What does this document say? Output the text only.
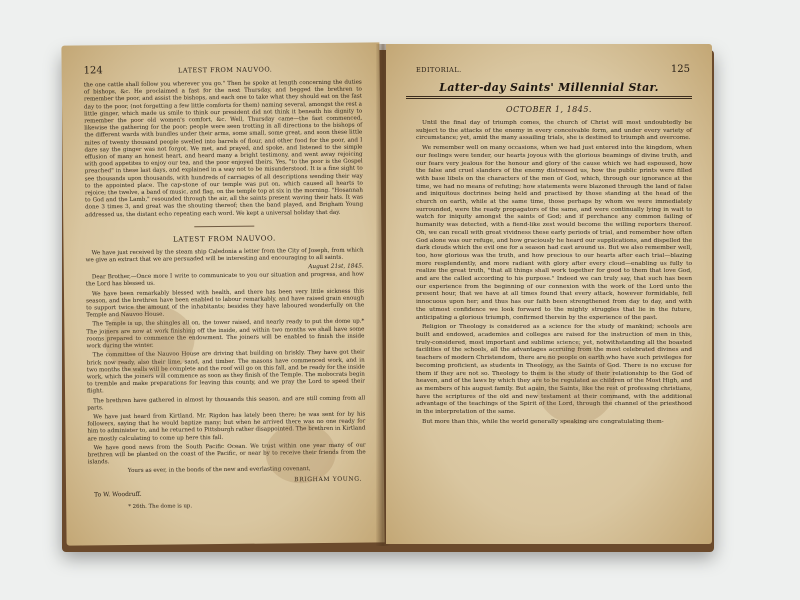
124	LATEST FROM NAUVOO.

the one cattle shall follow you wherever you go." Then he spoke at length concerning the duties of bishops, &c. He proclaimed a fast for the next Thursday, and begged the brethren to remember the poor, and assist the bishops, and each one to take what they should eat on the fast day to the poor, (not forgetting a few little comforts for them) naming several, amongst the rest a little ginger, which made us smile to think our president did not think it beneath his dignity to remember the poor old women's comfort, &c. Well, Thursday came—the fast commenced, likewise the gathering for the poor; people were seen trotting in all directions to the bishops of the different wards with bundles under their arms, some small, some great, and soon these little mites of twenty thousand people swelled into barrels of flour, and other food for the poor, and I dare say the ginger was not forgot. We met, and prayed, and spoke, and listened to the simple effusion of many an honest heart, and heard many a bright testimony, and went away rejoicing with good appetites to enjoy our tea, and the poor enjoyed theirs. Yes, "to the poor is the Gospel preached" in these last days, and explained in a way not to be misunderstood. It is a fine sight to see thousands upon thousands, with hundreds of carriages of all descriptions wending their way to the appointed place. The cap-stone of our temple was put on, which caused all hearts to rejoice; the twelve, a band of music, and flag, on the temple top at six in the morning. "Hosannah to God and the Lamb," resounded through the air, all the saints present waving their hats. It was done 3 times 3, and great was the shouting thereof; then the band played, and Brigham Young addressed us, the distant echo repeating each word. We kept a universal holiday that day.

LATEST FROM NAUVOO.

We have just received by the steam ship Caledonia a letter from the City of Joseph, from which we give an extract that we are persuaded will be interesting and encouraging to all saints.

August 21st, 1845.

Dear Brother,—Once more I write to communicate to you our situation and progress, and how the Lord has blessed us.

We have been remarkably blessed with health, and there has been very little sickness this season, and the brethren have been enabled to labour remarkably, and have raised grain enough to support twice the amount of the inhabitants; besides they have laboured wonderfully on the Temple and Nauvoo House.

The Temple is up, the shingles all on, the tower raised, and nearly ready to put the dome up.* The joiners are now at work finishing off the inside, and within two months we shall have some rooms prepared to commence the endowment. The joiners will be enabled to finish the inside work during the winter.

The committee of the Nauvoo House are driving that building on briskly. They have got their brick now ready, also their lime, sand, and timber. The masons have commenced work, and in two months the walls will be complete and the roof will go on this fall, and be ready for the inside work, which the joiners will commence as soon as they finish of the Temple. The mobocrats begin to tremble and make preparations for leaving this county, and we pray the Lord to speed their flight.

The brethren have gathered in almost by thousands this season, and are still coming from all parts.

We have just heard from Kirtland. Mr. Rigdon has lately been there; he was sent for by his followers, saying that he would baptize many; but when he arrived there was no one ready for him to administer to, and he returned to Pittsburgh rather disappointed. The brethren in Kirtland are mostly calculating to come up here this fall.

We have good news from the South Pacific Ocean. We trust within one year many of our brethren will be planted on the coast of the Pacific, or near by to receive their friends from the islands.

Yours as ever, in the bonds of the new and everlasting covenant,

BRIGHAM YOUNG.
To W. Woodruff.
* 26th. The dome is up.
EDITORIAL.	125
Latter-day Saints' Millennial Star.
OCTOBER 1, 1845.

Until the final day of triumph comes, the church of Christ will most undoubtedly be subject to the attacks of the enemy in every conceivable form, and under every variety of circumstance; yet, amid the many assailing trials, she is destined to triumph and overcome.

We remember well on many occasions, when we had just entered into the kingdom, when our feelings were tender, our hearts joyous with the glorious beamings of divine truth, and our fears very jealous for the honour and glory of the cause which we had espoused, how the false and cruel slanders of the enemy distressed us, how the public prints were filled with base libels on the characters of the men of God, which, through our ignorance at the time, we had no means of refuting; how statements were blazoned through the land of false and iniquitous doctrines being held and practised by those standing at the head of the church on earth, while at the same time, those perhaps by whom we were immediately surrounded, were the ready propagators of the same, and were continually lying in wait to watch for iniquity amongst the saints of God; and if perchance any common failing of humanity was detected, with a fiend-like zest would become the willing reporters thereof. Oh, we can recall with great vividness these early periods of trial, and remember how often God alone was our refuge, and how graciously he heard our supplications, and dispelled the dark clouds which the evil one for a season had cast around us. But we also remember well, too, how glorious was the truth, and how precious to our hearts after each trial—blazing more resplendently, and more radiant with glory after every cloud—enabling us fully to realize the great truth, "that all things shall work together for good to them that love God, and are the called according to his purpose." Indeed we can truly say, that such has been our experience from the beginning of our connexion with the work of the Lord unto the present hour, that we have at all times found that every attack, however formidable, fell innocuous upon her; and thus has our faith been strengthened from day to day, and with the utmost confidence we look forward to the mighty struggles that lie in the future, anticipating a glorious triumph, confirmed therein by the experience of the past.

Religion or Theology is considered as a science for the study of mankind; schools are built and endowed, academies and colleges are raised for the instruction of men in this, truly-considered, most important and sublime science; yet, notwithstanding all the boasted facilities of the schools, all the advantages accruing from the most celebrated divines and teachers of modern Christendom, there are no people on earth who have such privileges for becoming proficient, as students in Theology, as the Saints of God. There is no excuse for them if they are not so. Theology to them is the study of their relationship to the God of heaven, and of the laws by which they are to be regulated as children of the Most High, and as members of his august family. But again, the Saints, like the rest of professing christians, have the scriptures of the old and new testament at their command, with the additional advantage of the teachings of the Spirit of the Lord, through the channel of the priesthood in the interpretation of the same.

But more than this, while the world generally speaking are congratulating them-
